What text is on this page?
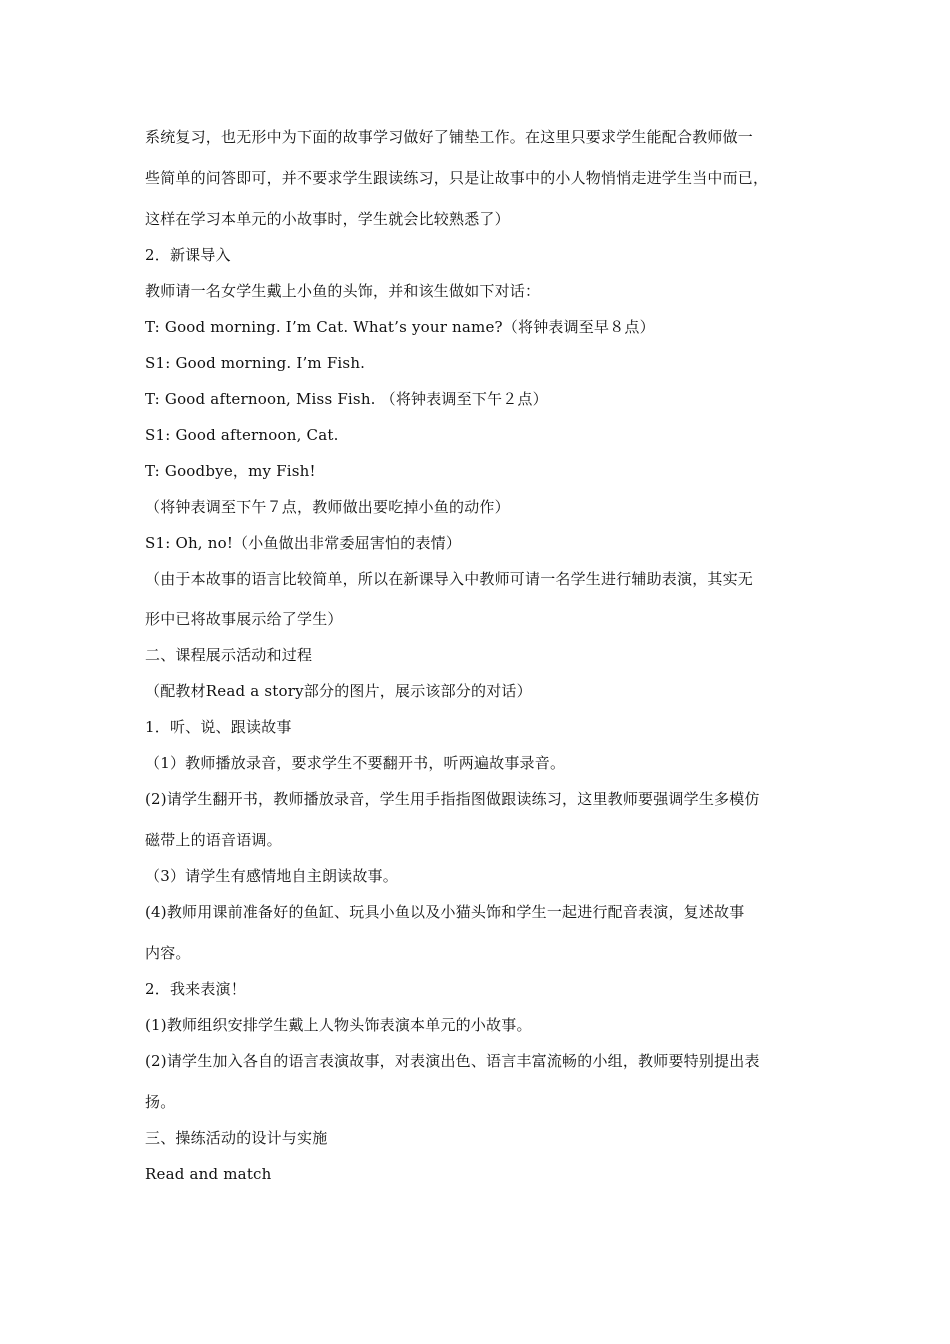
系统复习，也无形中为下面的故事学习做好了铺垫工作。在这里只要求学生能配合教师做一
些简单的问答即可，并不要求学生跟读练习，只是让故事中的小人物悄悄走进学生当中而已，
这样在学习本单元的小故事时，学生就会比较熟悉了）
2．新课导入
教师请一名女学生戴上小鱼的头饰，并和该生做如下对话：
T: Good morning. I’m Cat. What’s your name?（将钟表调至早８点）
S1: Good morning. I’m Fish.
T: Good afternoon, Miss Fish. （将钟表调至下午２点）
S1: Good afternoon, Cat.
T: Goodbye，my Fish!
（将钟表调至下午７点，教师做出要吃掉小鱼的动作）
S1: Oh, no!（小鱼做出非常委屈害怕的表情）
（由于本故事的语言比较简单，所以在新课导入中教师可请一名学生进行辅助表演，其实无
形中已将故事展示给了学生）
二、课程展示活动和过程
（配教材Read a story部分的图片，展示该部分的对话）
1．听、说、跟读故事
（1）教师播放录音，要求学生不要翻开书，听两遍故事录音。
(2)请学生翻开书，教师播放录音，学生用手指指图做跟读练习，这里教师要强调学生多模仿
磁带上的语音语调。
（3）请学生有感情地自主朗读故事。
(4)教师用课前准备好的鱼缸、玩具小鱼以及小猫头饰和学生一起进行配音表演，复述故事
内容。
2．我来表演！
(1)教师组织安排学生戴上人物头饰表演本单元的小故事。
(2)请学生加入各自的语言表演故事，对表演出色、语言丰富流畅的小组，教师要特别提出表
扬。
三、操练活动的设计与实施
Read and match
